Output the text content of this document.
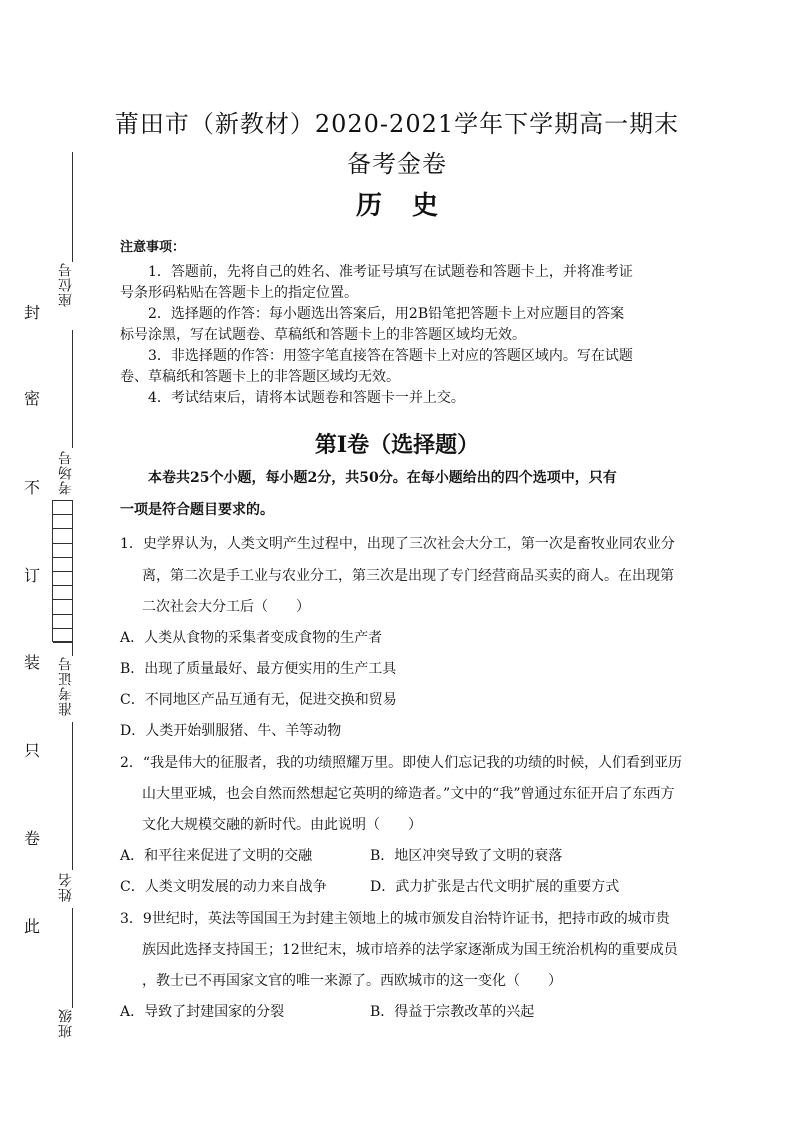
封
密
不
订
装
只
卷
此
座位号
考场号
准考证号
姓名
班级
莆田市（新教材）2020-2021学年下学期高一期末
备考金卷
历史
注意事项：
1．答题前，先将自己的姓名、准考证号填写在试题卷和答题卡上，并将准考证
号条形码粘贴在答题卡上的指定位置。
2．选择题的作答：每小题选出答案后，用2B铅笔把答题卡上对应题目的答案
标号涂黑，写在试题卷、草稿纸和答题卡上的非答题区域均无效。
3．非选择题的作答：用签字笔直接答在答题卡上对应的答题区域内。写在试题
卷、草稿纸和答题卡上的非答题区域均无效。
4．考试结束后，请将本试题卷和答题卡一并上交。
第Ⅰ卷（选择题）
本卷共25个小题，每小题2分，共50分。在每小题给出的四个选项中，只有
一项是符合题目要求的。
1．史学界认为，人类文明产生过程中，出现了三次社会大分工，第一次是畜牧业同农业分
离，第二次是手工业与农业分工，第三次是出现了专门经营商品买卖的商人。在出现第
二次社会大分工后（　　）
A．人类从食物的采集者变成食物的生产者
B．出现了质量最好、最方便实用的生产工具
C．不同地区产品互通有无，促进交换和贸易
D．人类开始驯服猪、牛、羊等动物
2．“我是伟大的征服者，我的功绩照耀万里。即使人们忘记我的功绩的时候，人们看到亚历
山大里亚城，也会自然而然想起它英明的缔造者。”文中的“我”曾通过东征开启了东西方
文化大规模交融的新时代。由此说明（　　）
A．和平往来促进了文明的交融	B．地区冲突导致了文明的衰落
C．人类文明发展的动力来自战争	D．武力扩张是古代文明扩展的重要方式
3．9世纪时，英法等国国王为封建主领地上的城市颁发自治特许证书，把持市政的城市贵
族因此选择支持国王；12世纪末，城市培养的法学家逐渐成为国王统治机构的重要成员
，教士已不再国家文官的唯一来源了。西欧城市的这一变化（　　）
A．导致了封建国家的分裂	B．得益于宗教改革的兴起
